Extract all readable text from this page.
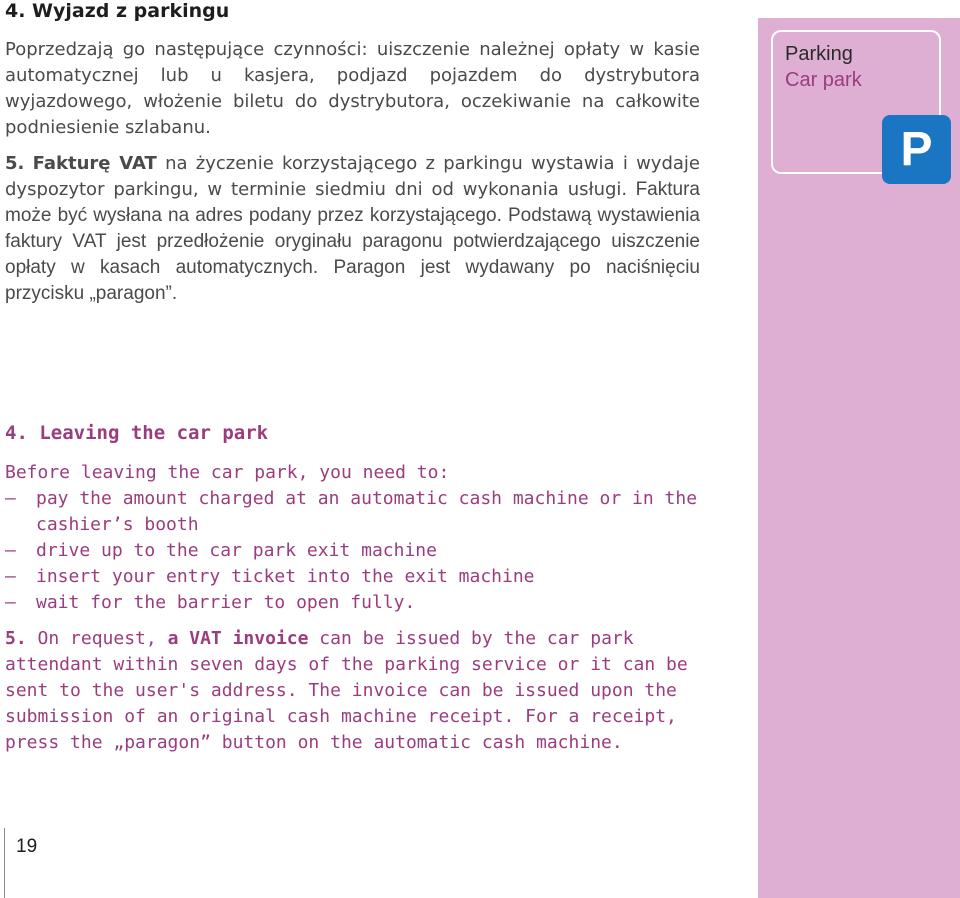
Parking
Car park
P
4. Wyjazd z parkingu
Poprzedzają go następujące czynności: uiszczenie należnej opłaty w kasie automatycznej lub u kasjera, podjazd pojazdem do dystrybutora wyjazdowego, włożenie biletu do dystrybutora, oczekiwanie na całkowite podniesienie szlabanu.
5. Fakturę VAT na życzenie korzystającego z parkingu wystawia i wydaje dyspozytor parkingu, w terminie siedmiu dni od wykonania usługi. Faktura może być wysłana na adres podany przez korzystającego. Podstawą wystawienia faktury VAT jest przedłożenie oryginału paragonu potwierdzającego uiszczenie opłaty w kasach automatycznych. Paragon jest wydawany po naciśnięciu przycisku „paragon”.
4. Leaving the car park
Before leaving the car park, you need to:
– pay the amount charged at an automatic cash machine or in the cashier’s booth
– drive up to the car park exit machine
– insert your entry ticket into the exit machine
– wait for the barrier to open fully.
5. On request, a VAT invoice can be issued by the car park attendant within seven days of the parking service or it can be sent to the user's address. The invoice can be issued upon the submission of an original cash machine receipt. For a receipt, press the „paragon” button on the automatic cash machine.
19
